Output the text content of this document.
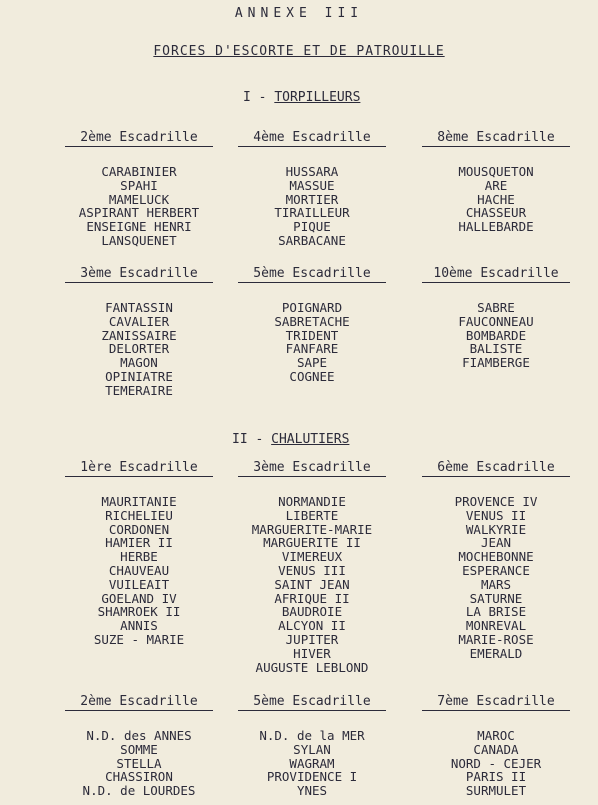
ANNEXE III
FORCES D'ESCORTE ET DE PATROUILLE
I - TORPILLEURS
II - CHALUTIERS
2ème Escadrille
CARABINIER
SPAHI
MAMELUCK
ASPIRANT HERBERT
ENSEIGNE HENRI
LANSQUENET
4ème Escadrille
HUSSARA
MASSUE
MORTIER
TIRAILLEUR
PIQUE
SARBACANE
8ème Escadrille
MOUSQUETON
ARE
HACHE
CHASSEUR
HALLEBARDE
3ème Escadrille
FANTASSIN
CAVALIER
ZANISSAIRE
DELORTER
MAGON
OPINIATRE
TEMERAIRE
5ème Escadrille
POIGNARD
SABRETACHE
TRIDENT
FANFARE
SAPE
COGNEE
10ème Escadrille
SABRE
FAUCONNEAU
BOMBARDE
BALISTE
FIAMBERGE
1ère Escadrille
MAURITANIE
RICHELIEU
CORDONEN
HAMIER II
HERBE
CHAUVEAU
VUILEAIT
GOELAND IV
SHAMROEK II
ANNIS
SUZE - MARIE
3ème Escadrille
NORMANDIE
LIBERTE
MARGUERITE-MARIE
MARGUERITE II
VIMEREUX
VENUS III
SAINT JEAN
AFRIQUE II
BAUDROIE
ALCYON II
JUPITER
HIVER
AUGUSTE LEBLOND
6ème Escadrille
PROVENCE IV
VENUS II
WALKYRIE
JEAN
MOCHEBONNE
ESPERANCE
MARS
SATURNE
LA BRISE
MONREVAL
MARIE-ROSE
EMERALD
2ème Escadrille
N.D. des ANNES
SOMME
STELLA
CHASSIRON
N.D. de LOURDES
5ème Escadrille
N.D. de la MER
SYLAN
WAGRAM
PROVIDENCE I
YNES
7ème Escadrille
MAROC
CANADA
NORD - CEJER
PARIS II
SURMULET
